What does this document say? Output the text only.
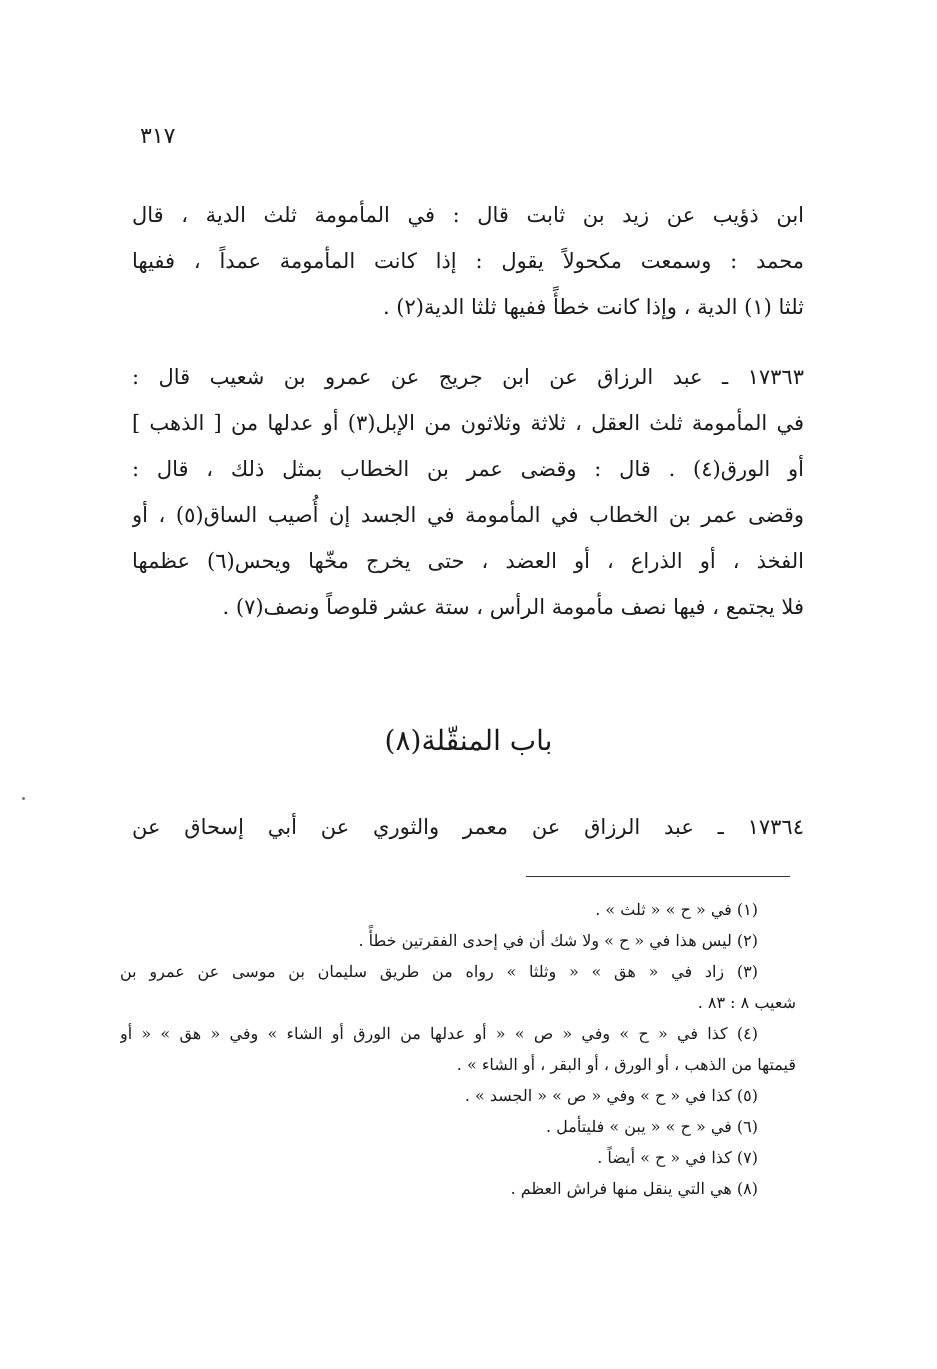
٣١٧
ابن ذؤيب عن زيد بن ثابت قال : في المأمومة ثلث الدية ، قال
محمد : وسمعت مكحولاً يقول : إذا كانت المأمومة عمداً ، ففيها
ثلثا (١) الدية ، وإذا كانت خطأً ففيها ثلثا الدية(٢) .
١٧٣٦٣ ـ عبد الرزاق عن ابن جريج عن عمرو بن شعيب قال :
في المأمومة ثلث العقل ، ثلاثة وثلاثون من الإبل(٣) أو عدلها من [ الذهب ]
أو الورق(٤) . قال : وقضى عمر بن الخطاب بمثل ذلك ، قال :
وقضى عمر بن الخطاب في المأمومة في الجسد إن أُصيب الساق(٥) ، أو
الفخذ ، أو الذراع ، أو العضد ، حتى يخرج مخّها ويحس(٦) عظمها
فلا يجتمع ، فيها نصف مأمومة الرأس ، ستة عشر قلوصاً ونصف(٧) .
باب المنقّلة(٨)
١٧٣٦٤ ـ عبد الرزاق عن معمر والثوري عن أبي إسحاق عن
(١) في « ح » « ثلث » .
(٢) ليس هذا في « ح » ولا شك أن في إحدى الفقرتين خطأً .
(٣) زاد في « هق » « وثلثا » رواه من طريق سليمان بن موسى عن عمرو بن
شعيب ٨ : ٨٣ .
(٤) كذا في « ح » وفي « ص » « أو عدلها من الورق أو الشاء » وفي « هق » « أو
قيمتها من الذهب ، أو الورق ، أو البقر ، أو الشاء » .
(٥) كذا في « ح » وفي « ص » « الجسد » .
(٦) في « ح » « يبن » فليتأمل .
(٧) كذا في « ح » أيضاً .
(٨) هي التي ينقل منها فراش العظم .
